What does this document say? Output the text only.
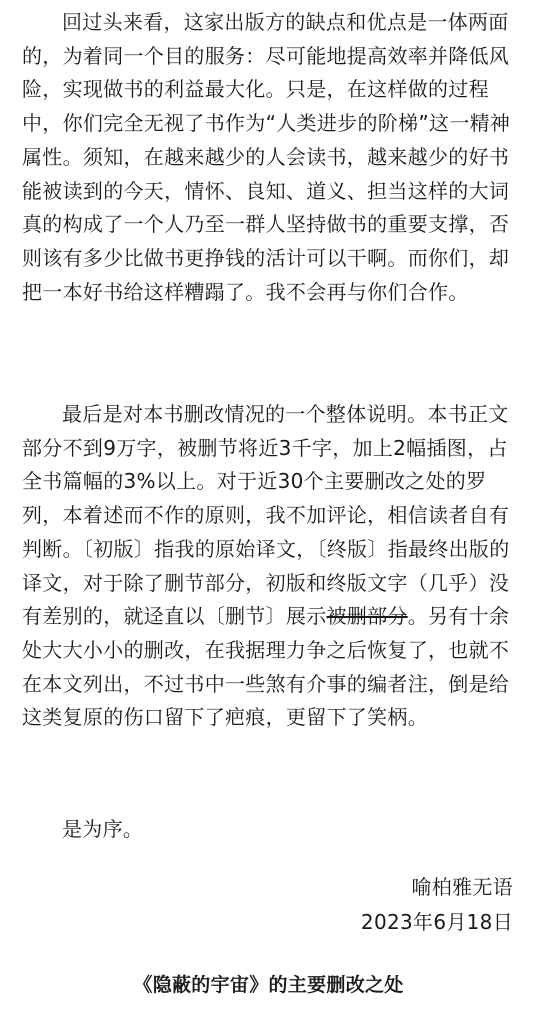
回过头来看，这家出版方的缺点和优点是一体两面的，为着同一个目的服务：尽可能地提高效率并降低风险，实现做书的利益最大化。只是，在这样做的过程中，你们完全无视了书作为“人类进步的阶梯”这一精神属性。须知，在越来越少的人会读书，越来越少的好书能被读到的今天，情怀、良知、道义、担当这样的大词真的构成了一个人乃至一群人坚持做书的重要支撑，否则该有多少比做书更挣钱的活计可以干啊。而你们，却把一本好书给这样糟蹋了。我不会再与你们合作。

最后是对本书删改情况的一个整体说明。本书正文部分不到9万字，被删节将近3千字，加上2幅插图，占全书篇幅的3%以上。对于近30个主要删改之处的罗列，本着述而不作的原则，我不加评论，相信读者自有判断。〔初版〕指我的原始译文，〔终版〕指最终出版的译文，对于除了删节部分，初版和终版文字（几乎）没有差别的，就迳直以〔删节〕展示被删部分。另有十余处大大小小的删改，在我据理力争之后恢复了，也就不在本文列出，不过书中一些煞有介事的编者注，倒是给这类复原的伤口留下了疤痕，更留下了笑柄。

是为序。

喻柏雅无语

2023年6月18日

《隐蔽的宇宙》的主要删改之处
